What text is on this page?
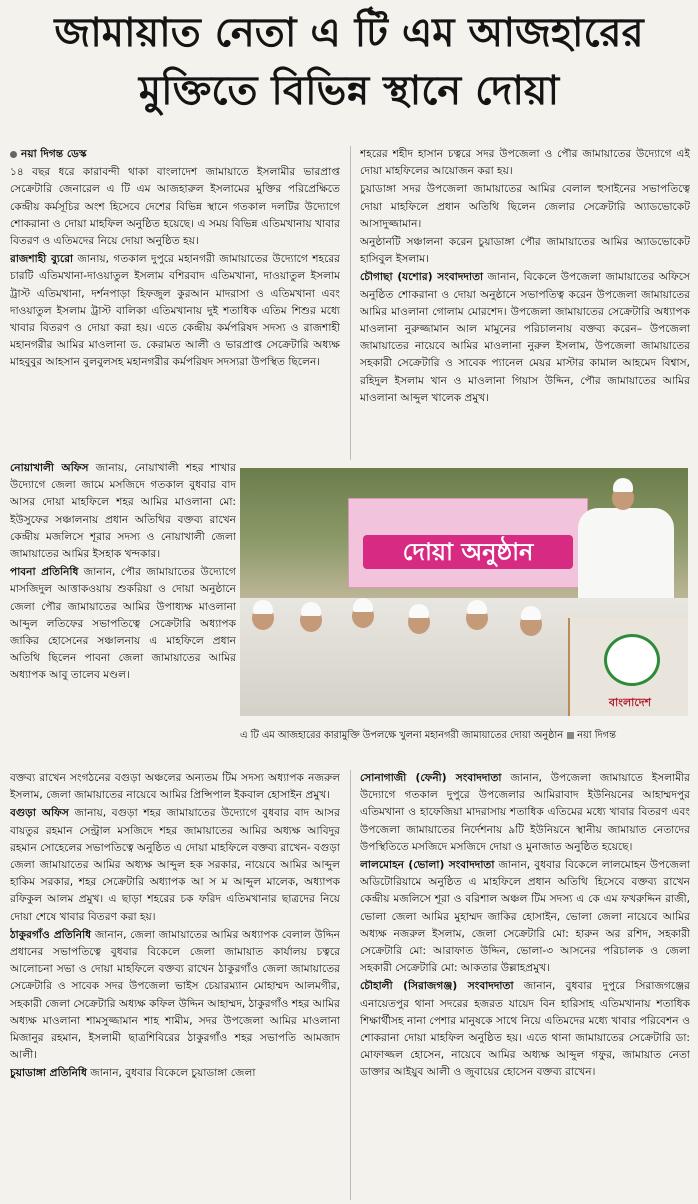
জামায়াত নেতা এ টি এম আজহারের
মুক্তিতে বিভিন্ন স্থানে দোয়া

নয়া দিগন্ত ডেস্ক

১৪ বছর ধরে কারাবন্দী থাকা বাংলাদেশ জামায়াতে ইসলামীর ভারপ্রাপ্ত সেক্রেটারি জেনারেল এ টি এম আজহারুল ইসলামের মুক্তির পরিপ্রেক্ষিতে কেন্দ্রীয় কর্মসূচির অংশ হিসেবে দেশের বিভিন্ন স্থানে গতকাল দলটির উদ্যোগে শোকরানা ও দোয়া মাহফিল অনুষ্ঠিত হয়েছে। এ সময় বিভিন্ন এতিমখানায় খাবার বিতরণ ও এতিমদের নিয়ে দোয়া অনুষ্ঠিত হয়।

রাজশাহী ব্যুরো জানায়, গতকাল দুপুরে মহানগরী জামায়াতের উদ্যোগে শহরের চারটি এতিমখানা-দাওয়াতুল ইসলাম বশিরবাদ এতিমখানা, দাওয়াতুল ইসলাম ট্রাস্ট এতিমখানা, দর্শনপাড়া হিফজুল কুরআন মাদরাসা ও এতিমখানা এবং দাওয়াতুল ইসলাম ট্রাস্ট বালিকা এতিমখানায় দুই শতাধিক এতিম শিশুর মধ্যে খাবার বিতরণ ও দোয়া করা হয়। এতে কেন্দ্রীয় কর্মপরিষদ সদস্য ও রাজশাহী মহানগরীর আমির মাওলানা ড. কেরামত আলী ও ভারপ্রাপ্ত সেক্রেটারি অধ্যক্ষ মাহবুবুর আহসান বুলবুলসহ মহানগরীর কর্মপরিষদ সদস্যরা উপস্থিত ছিলেন।

নোয়াখালী অফিস জানায়, নোয়াখালী শহর শাখার উদ্যোগে জেলা জামে মসজিদে গতকাল বুধবার বাদ আসর দোয়া মাহফিলে শহর আমির মাওলানা মো: ইউসুফের সঞ্চালনায় প্রধান অতিথির বক্তব্য রাখেন কেন্দ্রীয় মজলিসে শূরার সদস্য ও নোয়াখালী জেলা জামায়াতের আমির ইসহাক খন্দকার।

পাবনা প্রতিনিধি জানান, পৌর জামায়াতের উদ্যোগে মাসজিদুল আত্তাকওয়ায় শুকরিয়া ও দোয়া অনুষ্ঠানে জেলা পৌর জামায়াতের আমির উপাধ্যক্ষ মাওলানা আব্দুল লতিফের সভাপতিত্বে সেক্রেটারি অধ্যাপক জাকির হোসেনের সঞ্চালনায় এ মাহফিলে প্রধান অতিথি ছিলেন পাবনা জেলা জামায়াতের আমির অধ্যাপক আবু তালেব মণ্ডল।

শহরের শহীদ হাসান চত্বরে সদর উপজেলা ও পৌর জামায়াতের উদ্যোগে এই দোয়া মাহফিলের আয়োজন করা হয়।

চুয়াডাঙ্গা সদর উপজেলা জামায়াতের আমির বেলাল হুসাইনের সভাপতিত্বে দোয়া মাহফিলে প্রধান অতিথি ছিলেন জেলার সেক্রেটারি অ্যাডভোকেট আসাদুজ্জামান।

অনুষ্ঠানটি সঞ্চালনা করেন চুয়াডাঙ্গা পৌর জামায়াতের আমির অ্যাডভোকেট হাসিবুল ইসলাম।

চৌগাছা (যশোর) সংবাদদাতা জানান, বিকেলে উপজেলা জামায়াতের অফিসে অনুষ্ঠিত শোকরানা ও দোয়া অনুষ্ঠানে সভাপতিত্ব করেন উপজেলা জামায়াতের আমির মাওলানা গোলাম মোরশেদ। উপজেলা জামায়াতের সেক্রেটারি অধ্যাপক মাওলানা নুরুজ্জামান আল মামুনের পরিচালনায় বক্তব্য করেন– উপজেলা জামায়াতের নায়েবে আমির মাওলানা নুরুল ইসলাম, উপজেলা জামায়াতের সহকারী সেক্রেটারি ও সাবেক প্যানেল মেয়র মাস্টার কামাল আহমেদ বিশ্বাস, রহিদুল ইসলাম খান ও মাওলানা গিয়াস উদ্দিন, পৌর জামায়াতের আমির মাওলানা আব্দুল খালেক প্রমুখ।

দোয়া অনুষ্ঠান
বাংলাদেশ
এ টি এম আজহারের কারামুক্তি উপলক্ষে খুলনা মহানগরী জামায়াতের দোয়া অনুষ্ঠান নয়া দিগন্ত

বক্তব্য রাখেন সংগঠনের বগুড়া অঞ্চলের অন্যতম টিম সদস্য অধ্যাপক নজরুল ইসলাম, জেলা জামায়াতের নায়েবে আমির প্রিন্সিপাল ইকবাল হোসাইন প্রমুখ।

বগুড়া অফিস জানায়, বগুড়া শহর জামায়াতের উদ্যোগে বুধবার বাদ আসর বায়তুর রহমান সেন্ট্রাল মসজিদে শহর জামায়াতের আমির অধ্যক্ষ আবিদুর রহমান সোহেলের সভাপতিত্বে অনুষ্ঠিত এ দোয়া মাহফিলে বক্তব্য রাখেন- বগুড়া জেলা জামায়াতের আমির অধ্যক্ষ আব্দুল হক সরকার, নায়েবে আমির আব্দুল হাকিম সরকার, শহর সেক্রেটারি অধ্যাপক আ স ম আব্দুল মালেক, অধ্যাপক রফিকুল আলম প্রমুখ। এ ছাড়া শহরের চক ফরিদ এতিমখানার ছাত্রদের নিয়ে দোয়া শেষে খাবার বিতরণ করা হয়।

ঠাকুরগাঁও প্রতিনিধি জানান, জেলা জামায়াতের আমির অধ্যাপক বেলাল উদ্দিন প্রধানের সভাপতিত্বে বুধবার বিকেলে জেলা জামায়াত কার্যালয় চত্বরে আলোচনা সভা ও দোয়া মাহফিলে বক্তব্য রাখেন ঠাকুরগাঁও জেলা জামায়াতের সেক্রেটারি ও সাবেক সদর উপজেলা ভাইস চেয়ারম্যান মোহাম্মদ আলমগীর, সহকারী জেলা সেক্রেটারি অধ্যক্ষ কফিল উদ্দিন আহাম্মদ, ঠাকুরগাঁও শহর আমির অধ্যক্ষ মাওলানা শামসুজ্জামান শাহ শামীম, সদর উপজেলা আমির মাওলানা মিজানুর রহমান, ইসলামী ছাত্রশিবিরের ঠাকুরগাঁও শহর সভাপতি আমজাদ আলী।

চুয়াডাঙ্গা প্রতিনিধি জানান, বুধবার বিকেলে চুয়াডাঙ্গা জেলা

সোনাগাজী (ফেনী) সংবাদদাতা জানান, উপজেলা জামায়াতে ইসলামীর উদ্যোগে গতকাল দুপুরে উপজেলার আমিরাবাদ ইউনিয়নের আহাম্মদপুর এতিমখানা ও হাফেজিয়া মাদরাসায় শতাধিক এতিমের মধ্যে খাবার বিতরণ এবং উপজেলা জামায়াতের নির্দেশনায় ৯টি ইউনিয়নে স্থানীয় জামায়াত নেতাদের উপস্থিতিতে মসজিদে মসজিদে দোয়া ও মুনাজাত অনুষ্ঠিত হয়েছে।

লালমোহন (ভোলা) সংবাদদাতা জানান, বুধবার বিকেলে লালমোহন উপজেলা অডিটোরিয়ামে অনুষ্ঠিত এ মাহফিলে প্রধান অতিথি হিসেবে বক্তব্য রাখেন কেন্দ্রীয় মজলিসে শূরা ও বরিশাল অঞ্চল টিম সদস্য এ কে এম ফখরুদ্দিন রাজী, ভোলা জেলা আমির মুহাম্মদ জাকির হোসাইন, ভোলা জেলা নায়েবে আমির অধ্যক্ষ নজরুল ইসলাম, জেলা সেক্রেটারি মো: হারুন অর রশিদ, সহকারী সেক্রেটারি মো: আরাফাত উদ্দিন, ভোলা-৩ আসনের পরিচালক ও জেলা সহকারী সেক্রেটারি মো: আকতার উল্লাহপ্রমুখ।

চৌহালী (সিরাজগঞ্জ) সংবাদদাতা জানান, বুধবার দুপুরে সিরাজগঞ্জের এনায়েতপুর থানা সদরের হজরত যায়েদ বিন হারিসাহ এতিমখানায় শতাধিক শিক্ষার্থীসহ নানা পেশার মানুষকে সাথে নিয়ে এতিমদের মধ্যে খাবার পরিবেশন ও শোকরানা দোয়া মাহফিল অনুষ্ঠিত হয়। এতে থানা জামায়াতের সেক্রেটারি ডা: মোফাজ্জল হোসেন, নায়েবে আমির অধ্যক্ষ আব্দুল গফুর, জামায়াত নেতা ডাক্তার আইয়ুব আলী ও জুবায়ের হোসেন বক্তব্য রাখেন।
